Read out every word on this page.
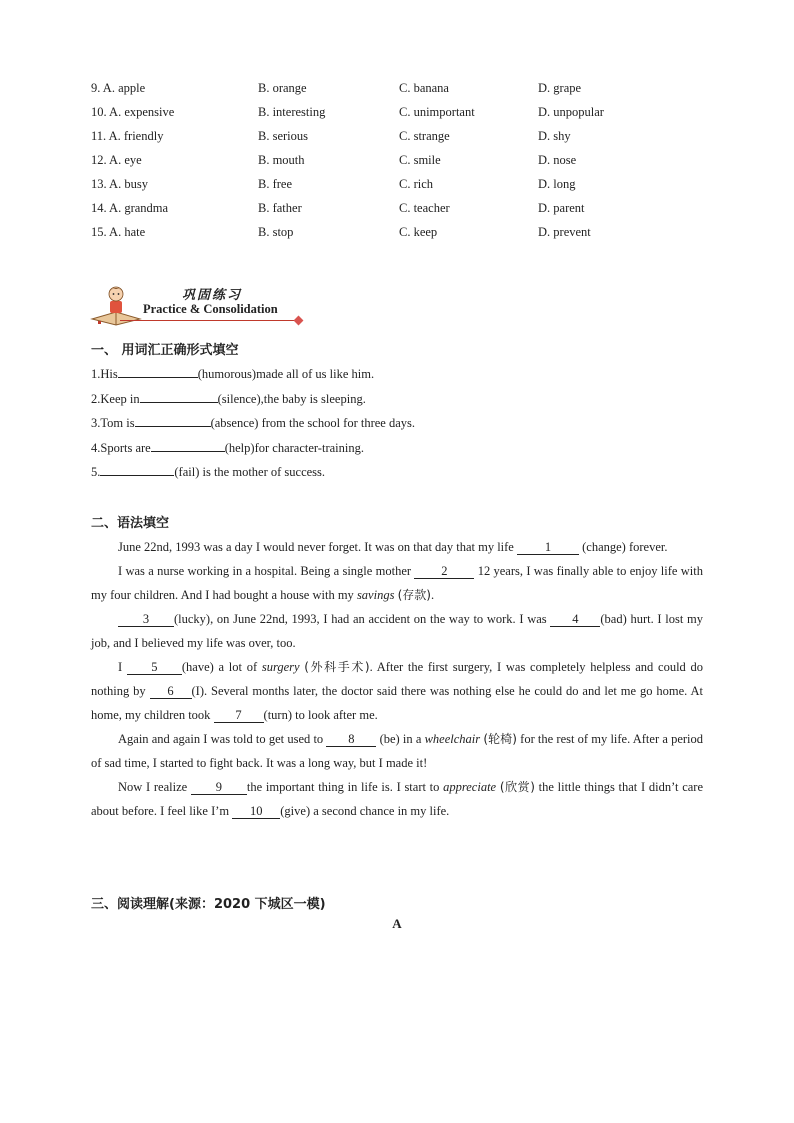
9. A. apple	B. orange	C. banana	D. grape
10. A. expensive	B. interesting	C. unimportant	D. unpopular
11. A. friendly	B. serious	C. strange	D. shy
12. A. eye	B. mouth	C. smile	D. nose
13. A. busy	B. free	C. rich	D. long
14. A. grandma	B. father	C. teacher	D. parent
15. A. hate	B. stop	C. keep	D. prevent
巩固练习
Practice & Consolidation
一、 用词汇正确形式填空
1.His	(humorous)made all of us like him.
2.Keep in	(silence),the baby is sleeping.
3.Tom is	(absence) from the school for three days.
4.Sports are	(help)for character-training.
5.	(fail) is the mother of success.
二、语法填空

June 22nd, 1993 was a day I would never forget. It was on that day that my life 1 (change) forever.

I was a nurse working in a hospital. Being a single mother 2 12 years, I was finally able to enjoy life with my four children. And I had bought a house with my savings (存款).

3 (lucky), on June 22nd, 1993, I had an accident on the way to work. I was 4 (bad) hurt. I lost my job, and I believed my life was over, too.

I 5 (have) a lot of surgery (外科手术). After the first surgery, I was completely helpless and could do nothing by 6 (I). Several months later, the doctor said there was nothing else he could do and let me go home. At home, my children took 7 (turn) to look after me.

Again and again I was told to get used to 8 (be) in a wheelchair (轮椅) for the rest of my life. After a period of sad time, I started to fight back. It was a long way, but I made it!

Now I realize 9 the important thing in life is. I start to appreciate (欣赏) the little things that I didn’t care about before. I feel like I’m 10 (give) a second chance in my life.

三、阅读理解(来源：2020 下城区一模)
A
